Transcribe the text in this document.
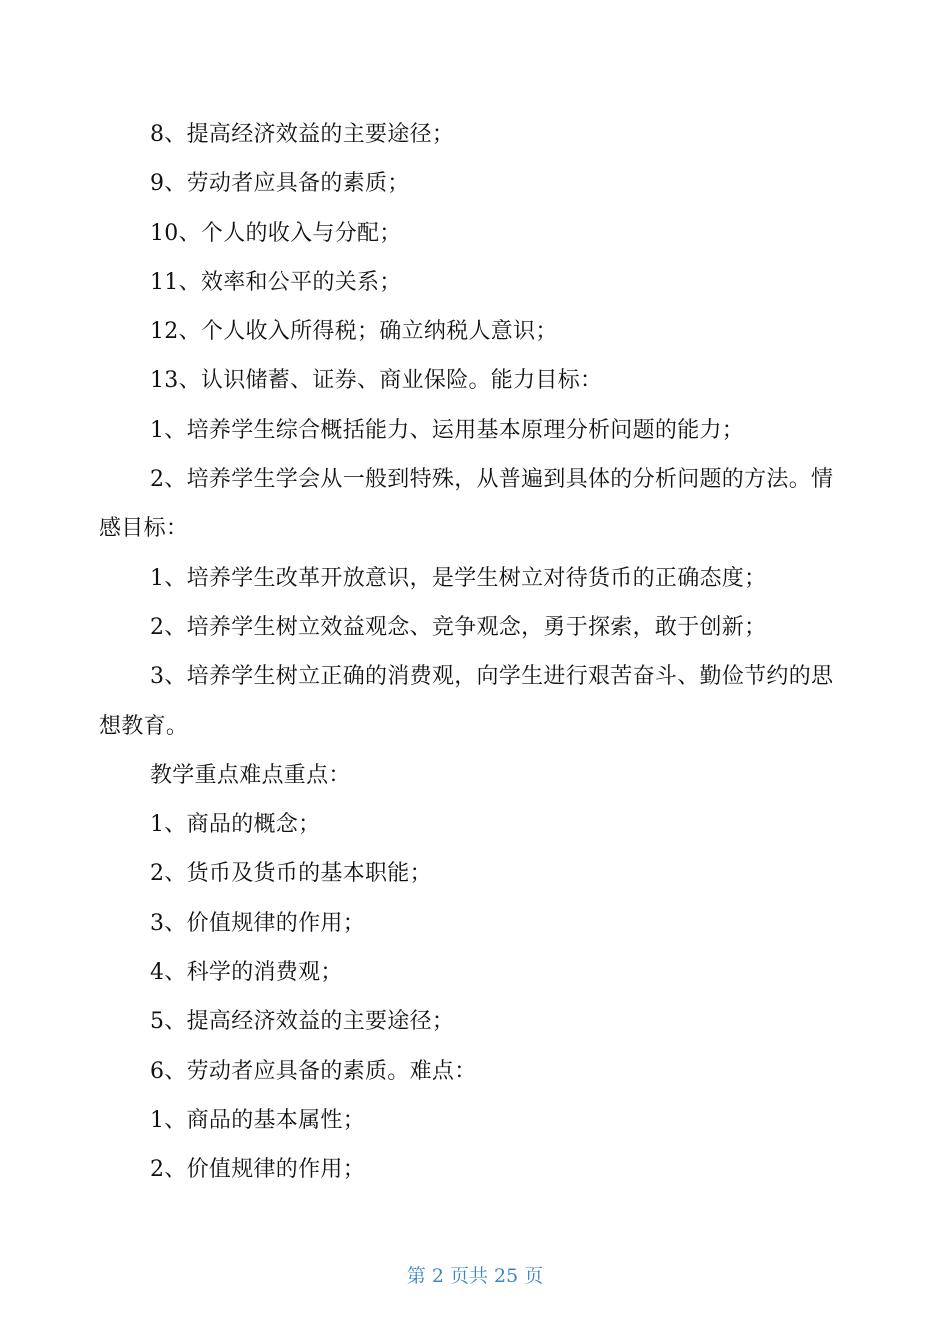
8、提高经济效益的主要途径；

9、劳动者应具备的素质；

10、个人的收入与分配；

11、效率和公平的关系；

12、个人收入所得税；确立纳税人意识；

13、认识储蓄、证券、商业保险。能力目标：

1、培养学生综合概括能力、运用基本原理分析问题的能力；

2、培养学生学会从一般到特殊，从普遍到具体的分析问题的方法。情感目标：

1、培养学生改革开放意识，是学生树立对待货币的正确态度；

2、培养学生树立效益观念、竞争观念，勇于探索，敢于创新；

3、培养学生树立正确的消费观，向学生进行艰苦奋斗、勤俭节约的思想教育。

教学重点难点重点：

1、商品的概念；

2、货币及货币的基本职能；

3、价值规律的作用；

4、科学的消费观；

5、提高经济效益的主要途径；

6、劳动者应具备的素质。难点：

1、商品的基本属性；

2、价值规律的作用；

第 2 页共 25 页
